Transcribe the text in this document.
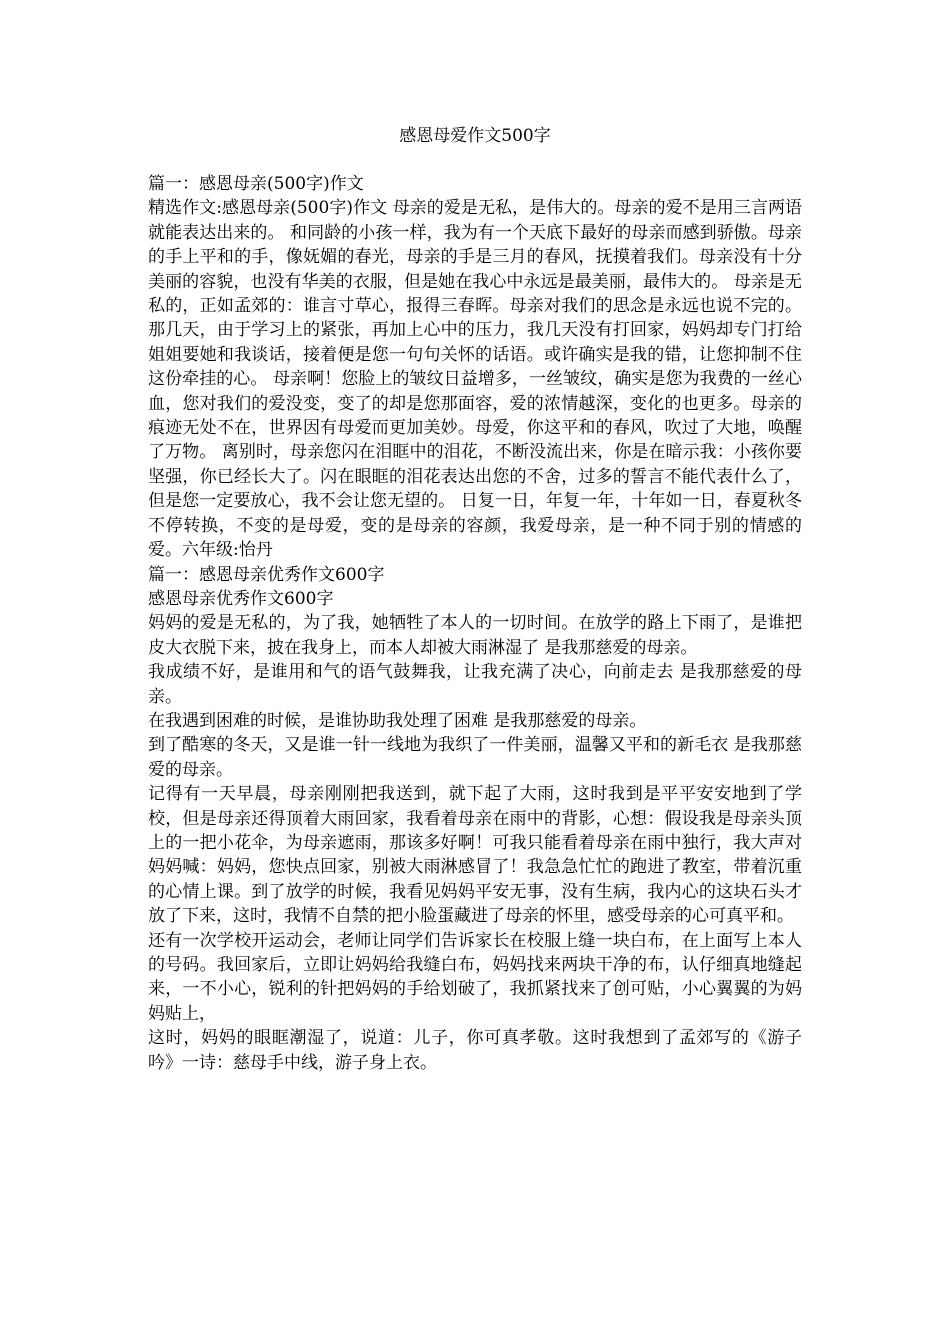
感恩母爱作文500字

篇一：感恩母亲(500字)作文

精选作文:感恩母亲(500字)作文 母亲的爱是无私，是伟大的。母亲的爱不是用三言两语就能表达出来的。 和同龄的小孩一样，我为有一个天底下最好的母亲而感到骄傲。母亲的手上平和的手，像妩媚的春光，母亲的手是三月的春风，抚摸着我们。母亲没有十分美丽的容貌，也没有华美的衣服，但是她在我心中永远是最美丽，最伟大的。 母亲是无私的，正如孟郊的：谁言寸草心，报得三春晖。母亲对我们的思念是永远也说不完的。那几天，由于学习上的紧张，再加上心中的压力，我几天没有打回家，妈妈却专门打给姐姐要她和我谈话，接着便是您一句句关怀的话语。或许确实是我的错，让您抑制不住这份牵挂的心。 母亲啊！您脸上的皱纹日益增多，一丝皱纹，确实是您为我费的一丝心血，您对我们的爱没变，变了的却是您那面容，爱的浓情越深，变化的也更多。母亲的痕迹无处不在，世界因有母爱而更加美妙。母爱，你这平和的春风，吹过了大地，唤醒了万物。 离别时，母亲您闪在泪眶中的泪花，不断没流出来，你是在暗示我：小孩你要坚强，你已经长大了。闪在眼眶的泪花表达出您的不舍，过多的誓言不能代表什么了，但是您一定要放心，我不会让您无望的。 日复一日，年复一年，十年如一日，春夏秋冬不停转换，不变的是母爱，变的是母亲的容颜，我爱母亲，是一种不同于别的情感的爱。六年级:怡丹

篇一：感恩母亲优秀作文600字

感恩母亲优秀作文600字

妈妈的爱是无私的，为了我，她牺牲了本人的一切时间。在放学的路上下雨了，是谁把皮大衣脱下来，披在我身上，而本人却被大雨淋湿了 是我那慈爱的母亲。

我成绩不好，是谁用和气的语气鼓舞我，让我充满了决心，向前走去 是我那慈爱的母亲。

在我遇到困难的时候，是谁协助我处理了困难 是我那慈爱的母亲。

到了酷寒的冬天，又是谁一针一线地为我织了一件美丽，温馨又平和的新毛衣 是我那慈爱的母亲。

记得有一天早晨，母亲刚刚把我送到，就下起了大雨，这时我到是平平安安地到了学校，但是母亲还得顶着大雨回家，我看着母亲在雨中的背影，心想：假设我是母亲头顶上的一把小花伞，为母亲遮雨，那该多好啊！可我只能看着母亲在雨中独行，我大声对妈妈喊：妈妈，您快点回家，别被大雨淋感冒了！我急急忙忙的跑进了教室，带着沉重的心情上课。到了放学的时候，我看见妈妈平安无事，没有生病，我内心的这块石头才放了下来，这时，我情不自禁的把小脸蛋藏进了母亲的怀里，感受母亲的心可真平和。

还有一次学校开运动会，老师让同学们告诉家长在校服上缝一块白布，在上面写上本人的号码。我回家后，立即让妈妈给我缝白布，妈妈找来两块干净的布，认仔细真地缝起来，一不小心，锐利的针把妈妈的手给划破了，我抓紧找来了创可贴，小心翼翼的为妈妈贴上，

这时，妈妈的眼眶潮湿了，说道：儿子，你可真孝敬。这时我想到了孟郊写的《游子吟》一诗：慈母手中线，游子身上衣。
